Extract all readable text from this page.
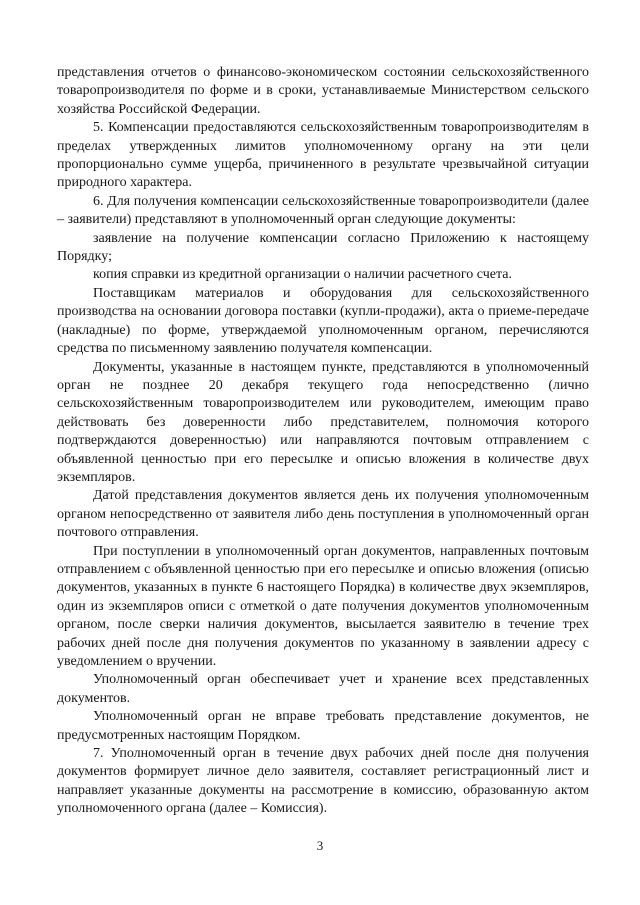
представления отчетов о финансово-экономическом состоянии сельскохозяйственного товаропроизводителя по форме и в сроки, устанавливаемые Министерством сельского хозяйства Российской Федерации.

5. Компенсации предоставляются сельскохозяйственным товаропроизводителям в пределах утвержденных лимитов уполномоченному органу на эти цели пропорционально сумме ущерба, причиненного в результате чрезвычайной ситуации природного характера.

6. Для получения компенсации сельскохозяйственные товаропроизводители (далее – заявители) представляют в уполномоченный орган следующие документы:

заявление на получение компенсации согласно Приложению к настоящему Порядку;

копия справки из кредитной организации о наличии расчетного счета.

Поставщикам материалов и оборудования для сельскохозяйственного производства на основании договора поставки (купли-продажи), акта о приеме-передаче (накладные) по форме, утверждаемой уполномоченным органом, перечисляются средства по письменному заявлению получателя компенсации.

Документы, указанные в настоящем пункте, представляются в уполномоченный орган не позднее 20 декабря текущего года непосредственно (лично сельскохозяйственным товаропроизводителем или руководителем, имеющим право действовать без доверенности либо представителем, полномочия которого подтверждаются доверенностью) или направляются почтовым отправлением с объявленной ценностью при его пересылке и описью вложения в количестве двух экземпляров.

Датой представления документов является день их получения уполномоченным органом непосредственно от заявителя либо день поступления в уполномоченный орган почтового отправления.

При поступлении в уполномоченный орган документов, направленных почтовым отправлением с объявленной ценностью при его пересылке и описью вложения (описью документов, указанных в пункте 6 настоящего Порядка) в количестве двух экземпляров, один из экземпляров описи с отметкой о дате получения документов уполномоченным органом, после сверки наличия документов, высылается заявителю в течение трех рабочих дней после дня получения документов по указанному в заявлении адресу с уведомлением о вручении.

Уполномоченный орган обеспечивает учет и хранение всех представленных документов.

Уполномоченный орган не вправе требовать представление документов, не предусмотренных настоящим Порядком.

7. Уполномоченный орган в течение двух рабочих дней после дня получения документов формирует личное дело заявителя, составляет регистрационный лист и направляет указанные документы на рассмотрение в комиссию, образованную актом уполномоченного органа (далее – Комиссия).

3
